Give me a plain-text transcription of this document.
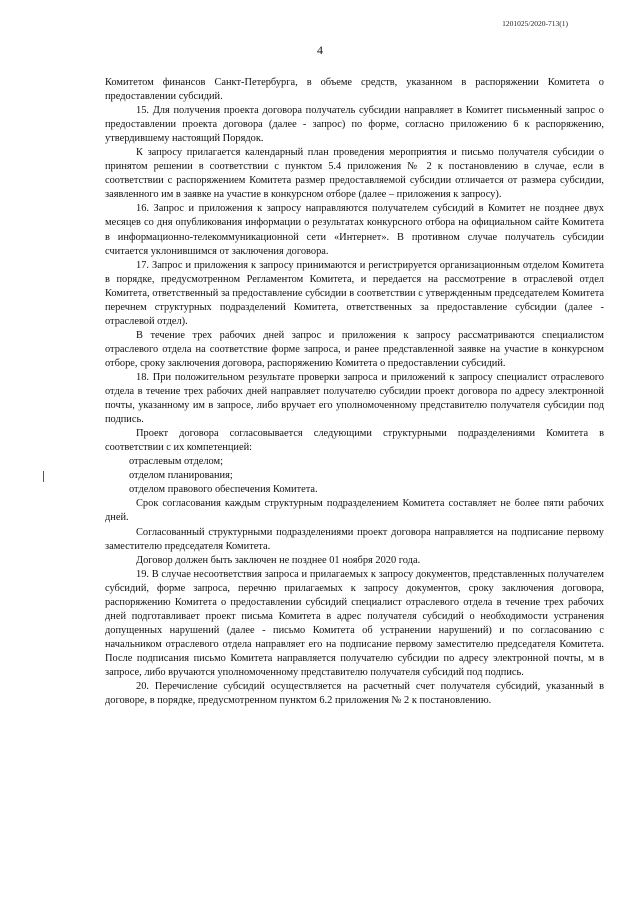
1201025/2020-713(1)
4

Комитетом финансов Санкт-Петербурга, в объеме средств, указанном в распоряжении Комитета о предоставлении субсидий.

15. Для получения проекта договора получатель субсидии направляет в Комитет письменный запрос о предоставлении проекта договора (далее - запрос) по форме, согласно приложению 6 к распоряжению, утвердившему настоящий Порядок.

К запросу прилагается календарный план проведения мероприятия и письмо получателя субсидии о принятом решении в соответствии с пунктом 5.4 приложения № 2 к постановлению в случае, если в соответствии с распоряжением Комитета размер предоставляемой субсидии отличается от размера субсидии, заявленного им в заявке на участие в конкурсном отборе (далее – приложения к запросу).

16. Запрос и приложения к запросу направляются получателем субсидий в Комитет не позднее двух месяцев со дня опубликования информации о результатах конкурсного отбора на официальном сайте Комитета в информационно-телекоммуникационной сети «Интернет». В противном случае получатель субсидии считается уклонившимся от заключения договора.

17. Запрос и приложения к запросу принимаются и регистрируется организационным отделом Комитета в порядке, предусмотренном Регламентом Комитета, и передается на рассмотрение в отраслевой отдел Комитета, ответственный за предоставление субсидии в соответствии с утвержденным председателем Комитета перечнем структурных подразделений Комитета, ответственных за предоставление субсидии (далее - отраслевой отдел).

В течение трех рабочих дней запрос и приложения к запросу рассматриваются специалистом отраслевого отдела на соответствие форме запроса, и ранее представленной заявке на участие в конкурсном отборе, сроку заключения договора, распоряжению Комитета о предоставлении субсидий.

18. При положительном результате проверки запроса и приложений к запросу специалист отраслевого отдела в течение трех рабочих дней направляет получателю субсидии проект договора по адресу электронной почты, указанному им в запросе, либо вручает его уполномоченному представителю получателя субсидии под подпись.

Проект договора согласовывается следующими структурными подразделениями Комитета в соответствии с их компетенцией:

отраслевым отделом;

отделом планирования;

отделом правового обеспечения Комитета.

Срок согласования каждым структурным подразделением Комитета составляет не более пяти рабочих дней.

Согласованный структурными подразделениями проект договора направляется на подписание первому заместителю председателя Комитета.

Договор должен быть заключен не позднее 01 ноября 2020 года.

19. В случае несоответствия запроса и прилагаемых к запросу документов, представленных получателем субсидий, форме запроса, перечню прилагаемых к запросу документов, сроку заключения договора, распоряжению Комитета о предоставлении субсидий специалист отраслевого отдела в течение трех рабочих дней подготавливает проект письма Комитета в адрес получателя субсидий о необходимости устранения допущенных нарушений (далее - письмо Комитета об устранении нарушений) и по согласованию с начальником отраслевого отдела направляет его на подписание первому заместителю председателя Комитета. После подписания письмо Комитета направляется получателю субсидии по адресу электронной почты, м в запросе, либо вручаются уполномоченному представителю получателя субсидий под подпись.

20. Перечисление субсидий осуществляется на расчетный счет получателя субсидий, указанный в договоре, в порядке, предусмотренном пунктом 6.2 приложения № 2 к постановлению.
